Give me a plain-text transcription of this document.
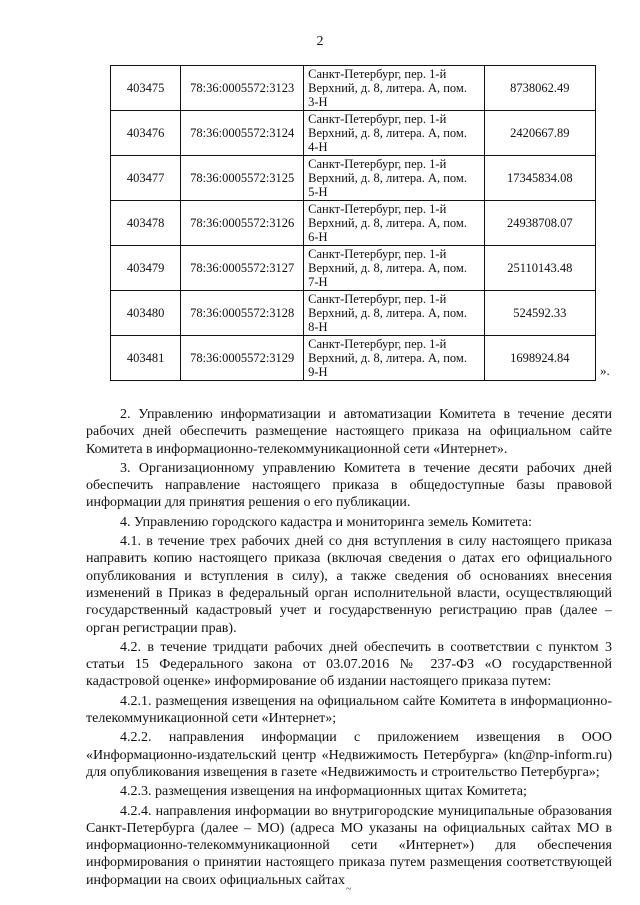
2
403475	78:36:0005572:3123	Санкт-Петербург, пер. 1-й Верхний, д. 8, литера. А, пом. 3-Н	8738062.49
403476	78:36:0005572:3124	Санкт-Петербург, пер. 1-й Верхний, д. 8, литера. А, пом. 4-Н	2420667.89
403477	78:36:0005572:3125	Санкт-Петербург, пер. 1-й Верхний, д. 8, литера. А, пом. 5-Н	17345834.08
403478	78:36:0005572:3126	Санкт-Петербург, пер. 1-й Верхний, д. 8, литера. А, пом. 6-Н	24938708.07
403479	78:36:0005572:3127	Санкт-Петербург, пер. 1-й Верхний, д. 8, литера. А, пом. 7-Н	25110143.48
403480	78:36:0005572:3128	Санкт-Петербург, пер. 1-й Верхний, д. 8, литера. А, пом. 8-Н	524592.33
403481	78:36:0005572:3129	Санкт-Петербург, пер. 1-й Верхний, д. 8, литера. А, пом. 9-Н	1698924.84
».

2. Управлению информатизации и автоматизации Комитета в течение десяти рабочих дней обеспечить размещение настоящего приказа на официальном сайте Комитета в информационно-телекоммуникационной сети «Интернет».

3. Организационному управлению Комитета в течение десяти рабочих дней обеспечить направление настоящего приказа в общедоступные базы правовой информации для принятия решения о его публикации.

4. Управлению городского кадастра и мониторинга земель Комитета:

4.1. в течение трех рабочих дней со дня вступления в силу настоящего приказа направить копию настоящего приказа (включая сведения о датах его официального опубликования и вступления в силу), а также сведения об основаниях внесения изменений в Приказ в федеральный орган исполнительной власти, осуществляющий государственный кадастровый учет и государственную регистрацию прав (далее – орган регистрации прав).

4.2. в течение тридцати рабочих дней обеспечить в соответствии с пунктом 3 статьи 15 Федерального закона от 03.07.2016 № 237-ФЗ «О государственной кадастровой оценке» информирование об издании настоящего приказа путем:

4.2.1. размещения извещения на официальном сайте Комитета в информационно-телекоммуникационной сети «Интернет»;

4.2.2. направления информации с приложением извещения в ООО «Информационно-издательский центр «Недвижимость Петербурга» (kn@np-inform.ru) для опубликования извещения в газете «Недвижимость и строительство Петербурга»;

4.2.3. размещения извещения на информационных щитах Комитета;

4.2.4. направления информации во внутригородские муниципальные образования Санкт-Петербурга (далее – МО) (адреса МО указаны на официальных сайтах МО в информационно-телекоммуникационной сети «Интернет») для обеспечения информирования о принятии настоящего приказа путем размещения соответствующей информации на своих официальных сайтах

~
